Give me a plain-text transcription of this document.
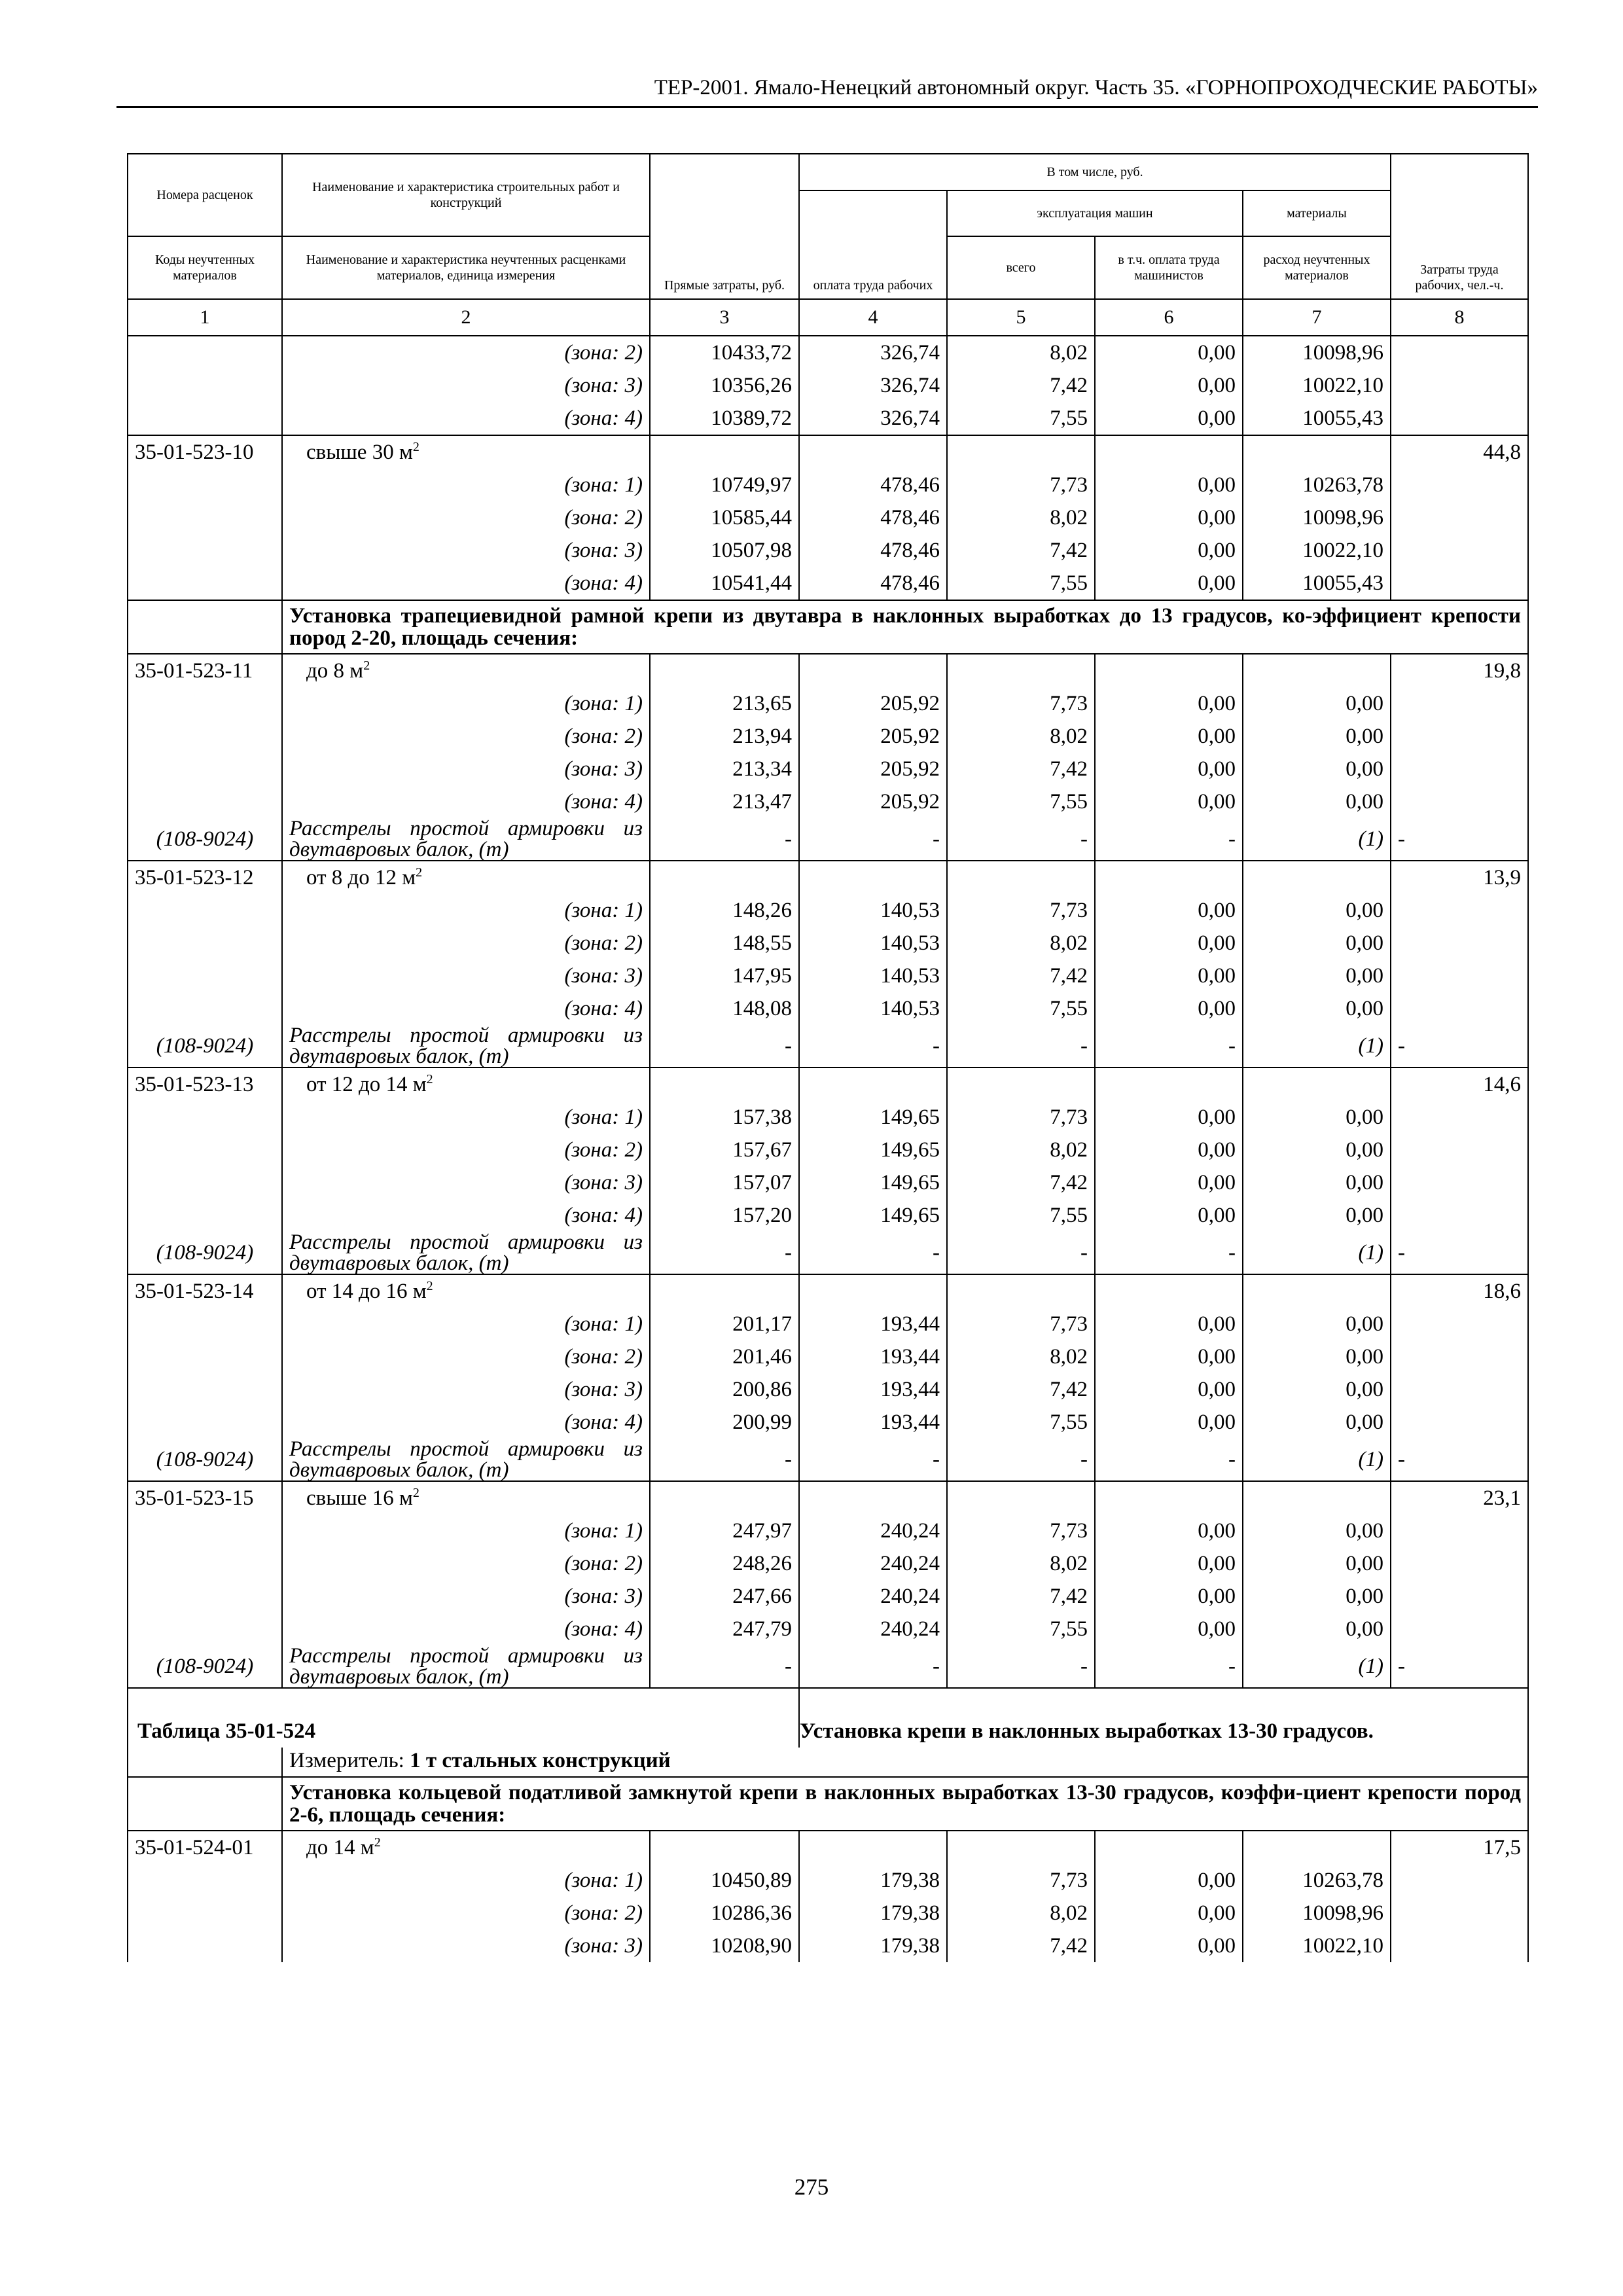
ТЕР-2001. Ямало-Ненецкий автономный округ. Часть 35. «ГОРНОПРОХОДЧЕСКИЕ РАБОТЫ»
Номера расценок	Наименование и характеристика строительных работ и конструкций	Прямые затраты, руб.	В том числе, руб.				Затраты труда рабочих, чел.-ч.
			оплата труда рабочих	эксплуатация машин		материалы	
Коды неучтенных материалов	Наименование и характеристика неучтенных расценками материалов, единица измерения			всего	в т.ч. оплата труда машинистов	расход неучтенных материалов	
1	2	3	4	5	6	7	8
	(зона: 2)	10433,72	326,74	8,02	0,00	10098,96	
	(зона: 3)	10356,26	326,74	7,42	0,00	10022,10	
	(зона: 4)	10389,72	326,74	7,55	0,00	10055,43	
35-01-523-10	свыше 30 $м^2$						44,8
	(зона: 1)	10749,97	478,46	7,73	0,00	10263,78	
	(зона: 2)	10585,44	478,46	8,02	0,00	10098,96	
	(зона: 3)	10507,98	478,46	7,42	0,00	10022,10	
	(зона: 4)	10541,44	478,46	7,55	0,00	10055,43	
	Установка трапециевидной рамной крепи из двутавра в наклонных выработках до 13 градусов, ко-эффициент крепости пород 2-20, площадь сечения:						
35-01-523-11	до 8 $м^2$						19,8
	(зона: 1)	213,65	205,92	7,73	0,00	0,00	
	(зона: 2)	213,94	205,92	8,02	0,00	0,00	
	(зона: 3)	213,34	205,92	7,42	0,00	0,00	
	(зона: 4)	213,47	205,92	7,55	0,00	0,00	
(108-9024)	Расстрелы простой армировки из двутавровых балок, (т)	-	-	-	-	(1)	-
35-01-523-12	от 8 до 12 $м^2$						13,9
	(зона: 1)	148,26	140,53	7,73	0,00	0,00	
	(зона: 2)	148,55	140,53	8,02	0,00	0,00	
	(зона: 3)	147,95	140,53	7,42	0,00	0,00	
	(зона: 4)	148,08	140,53	7,55	0,00	0,00	
(108-9024)	Расстрелы простой армировки из двутавровых балок, (т)	-	-	-	-	(1)	-
35-01-523-13	от 12 до 14 $м^2$						14,6
	(зона: 1)	157,38	149,65	7,73	0,00	0,00	
	(зона: 2)	157,67	149,65	8,02	0,00	0,00	
	(зона: 3)	157,07	149,65	7,42	0,00	0,00	
	(зона: 4)	157,20	149,65	7,55	0,00	0,00	
(108-9024)	Расстрелы простой армировки из двутавровых балок, (т)	-	-	-	-	(1)	-
35-01-523-14	от 14 до 16 $м^2$						18,6
	(зона: 1)	201,17	193,44	7,73	0,00	0,00	
	(зона: 2)	201,46	193,44	8,02	0,00	0,00	
	(зона: 3)	200,86	193,44	7,42	0,00	0,00	
	(зона: 4)	200,99	193,44	7,55	0,00	0,00	
(108-9024)	Расстрелы простой армировки из двутавровых балок, (т)	-	-	-	-	(1)	-
35-01-523-15	свыше 16 $м^2$						23,1
	(зона: 1)	247,97	240,24	7,73	0,00	0,00	
	(зона: 2)	248,26	240,24	8,02	0,00	0,00	
	(зона: 3)	247,66	240,24	7,42	0,00	0,00	
	(зона: 4)	247,79	240,24	7,55	0,00	0,00	
(108-9024)	Расстрелы простой армировки из двутавровых балок, (т)	-	-	-	-	(1)	-
Таблица 35-01-524			Установка крепи в наклонных выработках 13-30 градусов.				
	Измеритель: 1 т стальных конструкций						
	Установка кольцевой податливой замкнутой крепи в наклонных выработках 13-30 градусов, коэффи-циент крепости пород 2-6, площадь сечения:						
35-01-524-01	до 14 $м^2$						17,5
	(зона: 1)	10450,89	179,38	7,73	0,00	10263,78	
	(зона: 2)	10286,36	179,38	8,02	0,00	10098,96	
	(зона: 3)	10208,90	179,38	7,42	0,00	10022,10	
275
